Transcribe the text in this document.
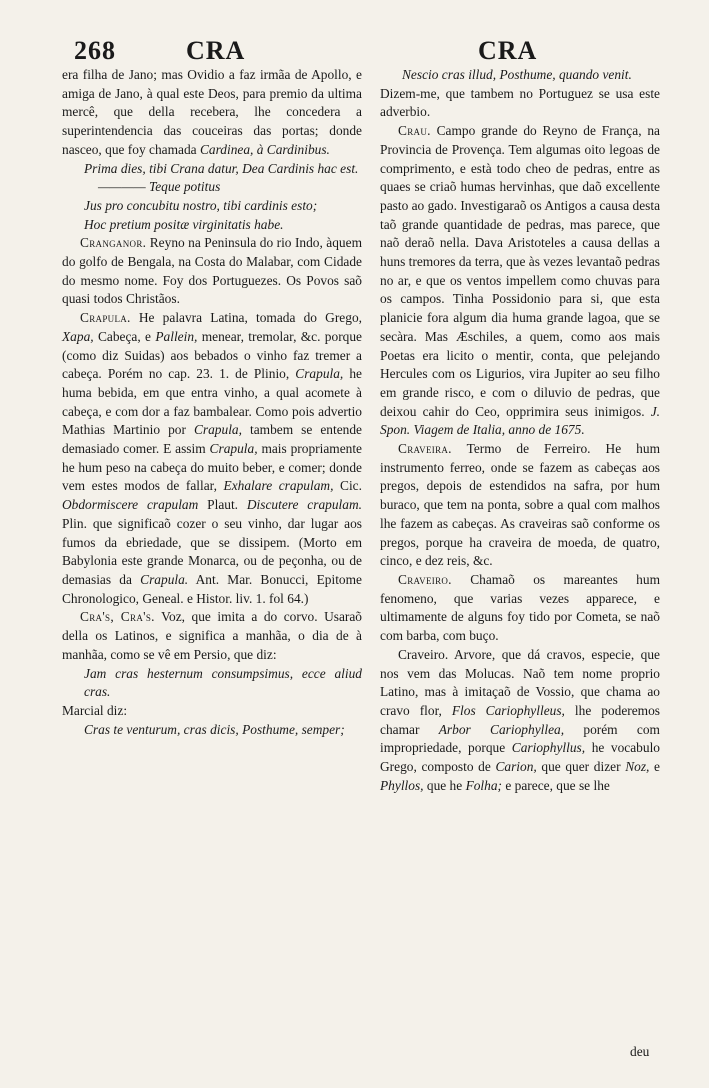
268	CRA	CRA

era filha de Jano; mas Ovidio a faz irmãa de Apollo, e amiga de Jano, à qual este Deos, para premio da ultima mercê, que della recebera, lhe concedera a superintendencia das couceiras das portas; donde nasceo, que foy chamada Cardinea, à Cardinibus.

Prima dies, tibi Crana datur, Dea Cardinis hac est.

———— Teque potitus

Jus pro concubitu nostro, tibi cardinis esto;

Hoc pretium positæ virginitatis habe.

Cranganor. Reyno na Peninsula do rio Indo, àquem do golfo de Bengala, na Costa do Malabar, com Cidade do mesmo nome. Foy dos Portuguezes. Os Povos saõ quasi todos Christãos.

Crapula. He palavra Latina, tomada do Grego, Xapa, Cabeça, e Pallein, menear, tremolar, &c. porque (como diz Suidas) aos bebados o vinho faz tremer a cabeça. Porém no cap. 23. 1. de Plinio, Crapula, he huma bebida, em que entra vinho, a qual acomete à cabeça, e com dor a faz bambalear. Como pois advertio Mathias Martinio por Crapula, tambem se entende demasiado comer. E assim Crapula, mais propriamente he hum peso na cabeça do muito beber, e comer; donde vem estes modos de fallar, Exhalare crapulam, Cic. Obdormiscere crapulam Plaut. Discutere crapulam. Plin. que significaõ cozer o seu vinho, dar lugar aos fumos da ebriedade, que se dissipem. (Morto em Babylonia este grande Monarca, ou de peçonha, ou de demasias da Crapula. Ant. Mar. Bonucci, Epitome Chronologico, Geneal. e Histor. liv. 1. fol 64.)

Cra's, Cra's. Voz, que imita a do corvo. Usaraõ della os Latinos, e significa a manhãa, o dia de à manhãa, como se vê em Persio, que diz:

Jam cras hesternum consumpsimus, ecce aliud cras.

Marcial diz:

Cras te venturum, cras dicis, Posthume, semper;

Nescio cras illud, Posthume, quando venit.

Dizem-me, que tambem no Portuguez se usa este adverbio.

Crau. Campo grande do Reyno de França, na Provincia de Provença. Tem algumas oito legoas de comprimento, e està todo cheo de pedras, entre as quaes se criaõ humas hervinhas, que daõ excellente pasto ao gado. Investigaraõ os Antigos a causa desta taõ grande quantidade de pedras, mas parece, que naõ deraõ nella. Dava Aristoteles a causa dellas a huns tremores da terra, que às vezes levantaõ pedras no ar, e que os ventos impellem como chuvas para os campos. Tinha Possidonio para si, que esta planicie fora algum dia huma grande lagoa, que se secàra. Mas Æschiles, a quem, como aos mais Poetas era licito o mentir, conta, que pelejando Hercules com os Ligurios, vira Jupiter ao seu filho em grande risco, e com o diluvio de pedras, que deixou cahir do Ceo, opprimira seus inimigos. J. Spon. Viagem de Italia, anno de 1675.

Craveira. Termo de Ferreiro. He hum instrumento ferreo, onde se fazem as cabeças aos pregos, depois de estendidos na safra, por hum buraco, que tem na ponta, sobre a qual com malhos lhe fazem as cabeças. As craveiras saõ conforme os pregos, porque ha craveira de moeda, de quatro, cinco, e dez reis, &c.

Craveiro. Chamaõ os mareantes hum fenomeno, que varias vezes apparece, e ultimamente de alguns foy tido por Cometa, se naõ com barba, com buço.

Craveiro. Arvore, que dá cravos, especie, que nos vem das Molucas. Naõ tem nome proprio Latino, mas à imitaçaõ de Vossio, que chama ao cravo flor, Flos Cariophylleus, lhe poderemos chamar Arbor Cariophyllea, porém com impropriedade, porque Cariophyllus, he vocabulo Grego, composto de Carion, que quer dizer Noz, e Phyllos, que he Folha; e parece, que se lhe

deu
